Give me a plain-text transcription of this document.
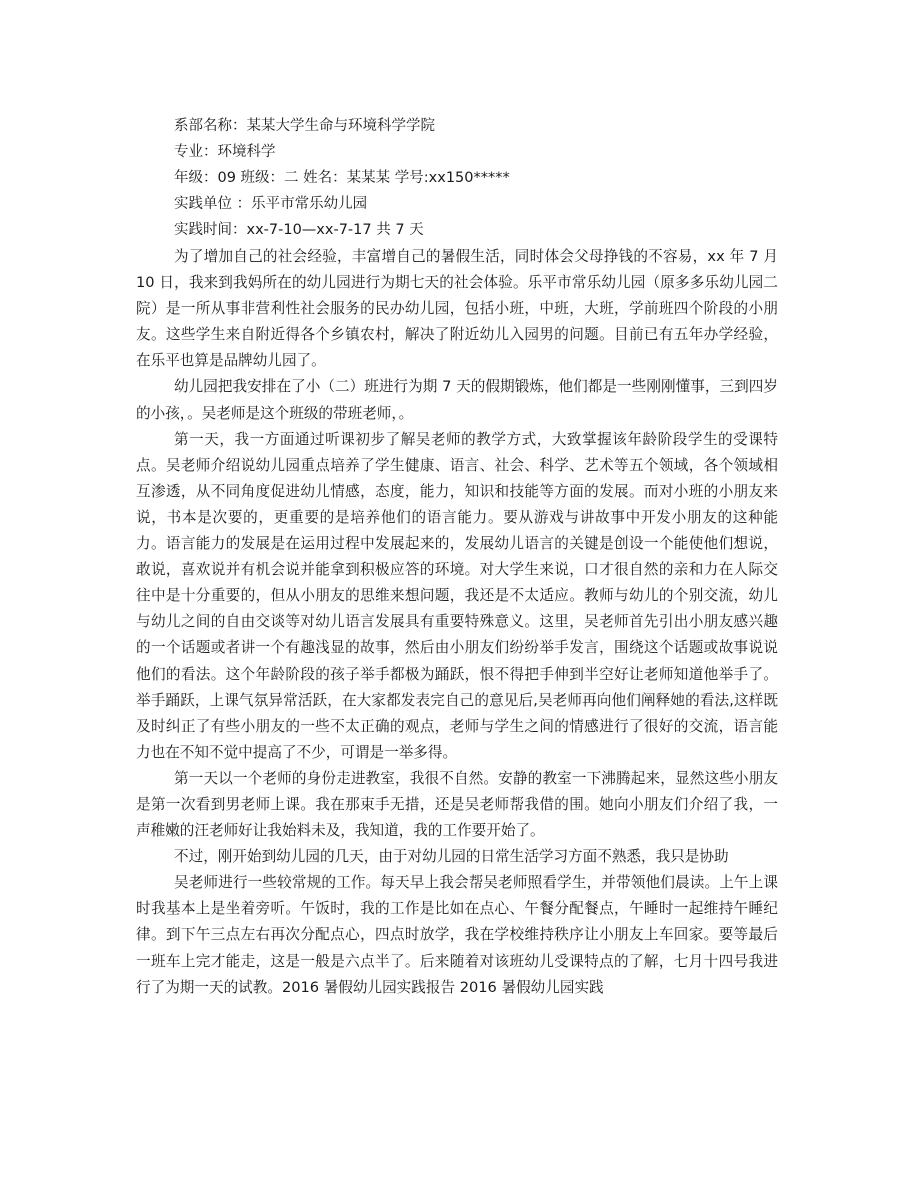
系部名称：某某大学生命与环境科学学院
专业：环境科学
年级：09 班级：二 姓名：某某某 学号:xx150*****
实践单位 ：乐平市常乐幼儿园
实践时间：xx-7-10—xx-7-17 共 7 天

为了增加自己的社会经验，丰富增自己的暑假生活，同时体会父母挣钱的不容易，xx 年 7 月 10 日，我来到我妈所在的幼儿园进行为期七天的社会体验。乐平市常乐幼儿园（原多多乐幼儿园二院）是一所从事非营利性社会服务的民办幼儿园，包括小班，中班，大班，学前班四个阶段的小朋友。这些学生来自附近得各个乡镇农村，解决了附近幼儿入园男的问题。目前已有五年办学经验，在乐平也算是品牌幼儿园了。

幼儿园把我安排在了小（二）班进行为期 7 天的假期锻炼，他们都是一些刚刚懂事，三到四岁的小孩，。吴老师是这个班级的带班老师，。

第一天，我一方面通过听课初步了解吴老师的教学方式，大致掌握该年龄阶段学生的受课特点。吴老师介绍说幼儿园重点培养了学生健康、语言、社会、科学、艺术等五个领域，各个领域相互渗透，从不同角度促进幼儿情感，态度，能力，知识和技能等方面的发展。而对小班的小朋友来说，书本是次要的，更重要的是培养他们的语言能力。要从游戏与讲故事中开发小朋友的这种能力。语言能力的发展是在运用过程中发展起来的，发展幼儿语言的关键是创设一个能使他们想说，敢说，喜欢说并有机会说并能拿到积极应答的环境。对大学生来说，口才很自然的亲和力在人际交往中是十分重要的，但从小朋友的思维来想问题，我还是不太适应。教师与幼儿的个别交流，幼儿与幼儿之间的自由交谈等对幼儿语言发展具有重要特殊意义。这里，吴老师首先引出小朋友感兴趣的一个话题或者讲一个有趣浅显的故事，然后由小朋友们纷纷举手发言，围绕这个话题或故事说说他们的看法。这个年龄阶段的孩子举手都极为踊跃，恨不得把手伸到半空好让老师知道他举手了。举手踊跃，上课气氛异常活跃，在大家都发表完自己的意见后,吴老师再向他们阐释她的看法,这样既及时纠正了有些小朋友的一些不太正确的观点，老师与学生之间的情感进行了很好的交流，语言能力也在不知不觉中提高了不少，可谓是一举多得。

第一天以一个老师的身份走进教室，我很不自然。安静的教室一下沸腾起来，显然这些小朋友是第一次看到男老师上课。我在那束手无措，还是吴老师帮我借的围。她向小朋友们介绍了我，一声稚嫩的汪老师好让我始料未及，我知道，我的工作要开始了。

不过，刚开始到幼儿园的几天，由于对幼儿园的日常生活学习方面不熟悉，我只是协助

吴老师进行一些较常规的工作。每天早上我会帮吴老师照看学生，并带领他们晨读。上午上课时我基本上是坐着旁听。午饭时，我的工作是比如在点心、午餐分配餐点，午睡时一起维持午睡纪律。到下午三点左右再次分配点心，四点时放学，我在学校维持秩序让小朋友上车回家。要等最后一班车上完才能走，这是一般是六点半了。后来随着对该班幼儿受课特点的了解，七月十四号我进行了为期一天的试教。2016 暑假幼儿园实践报告 2016 暑假幼儿园实践
